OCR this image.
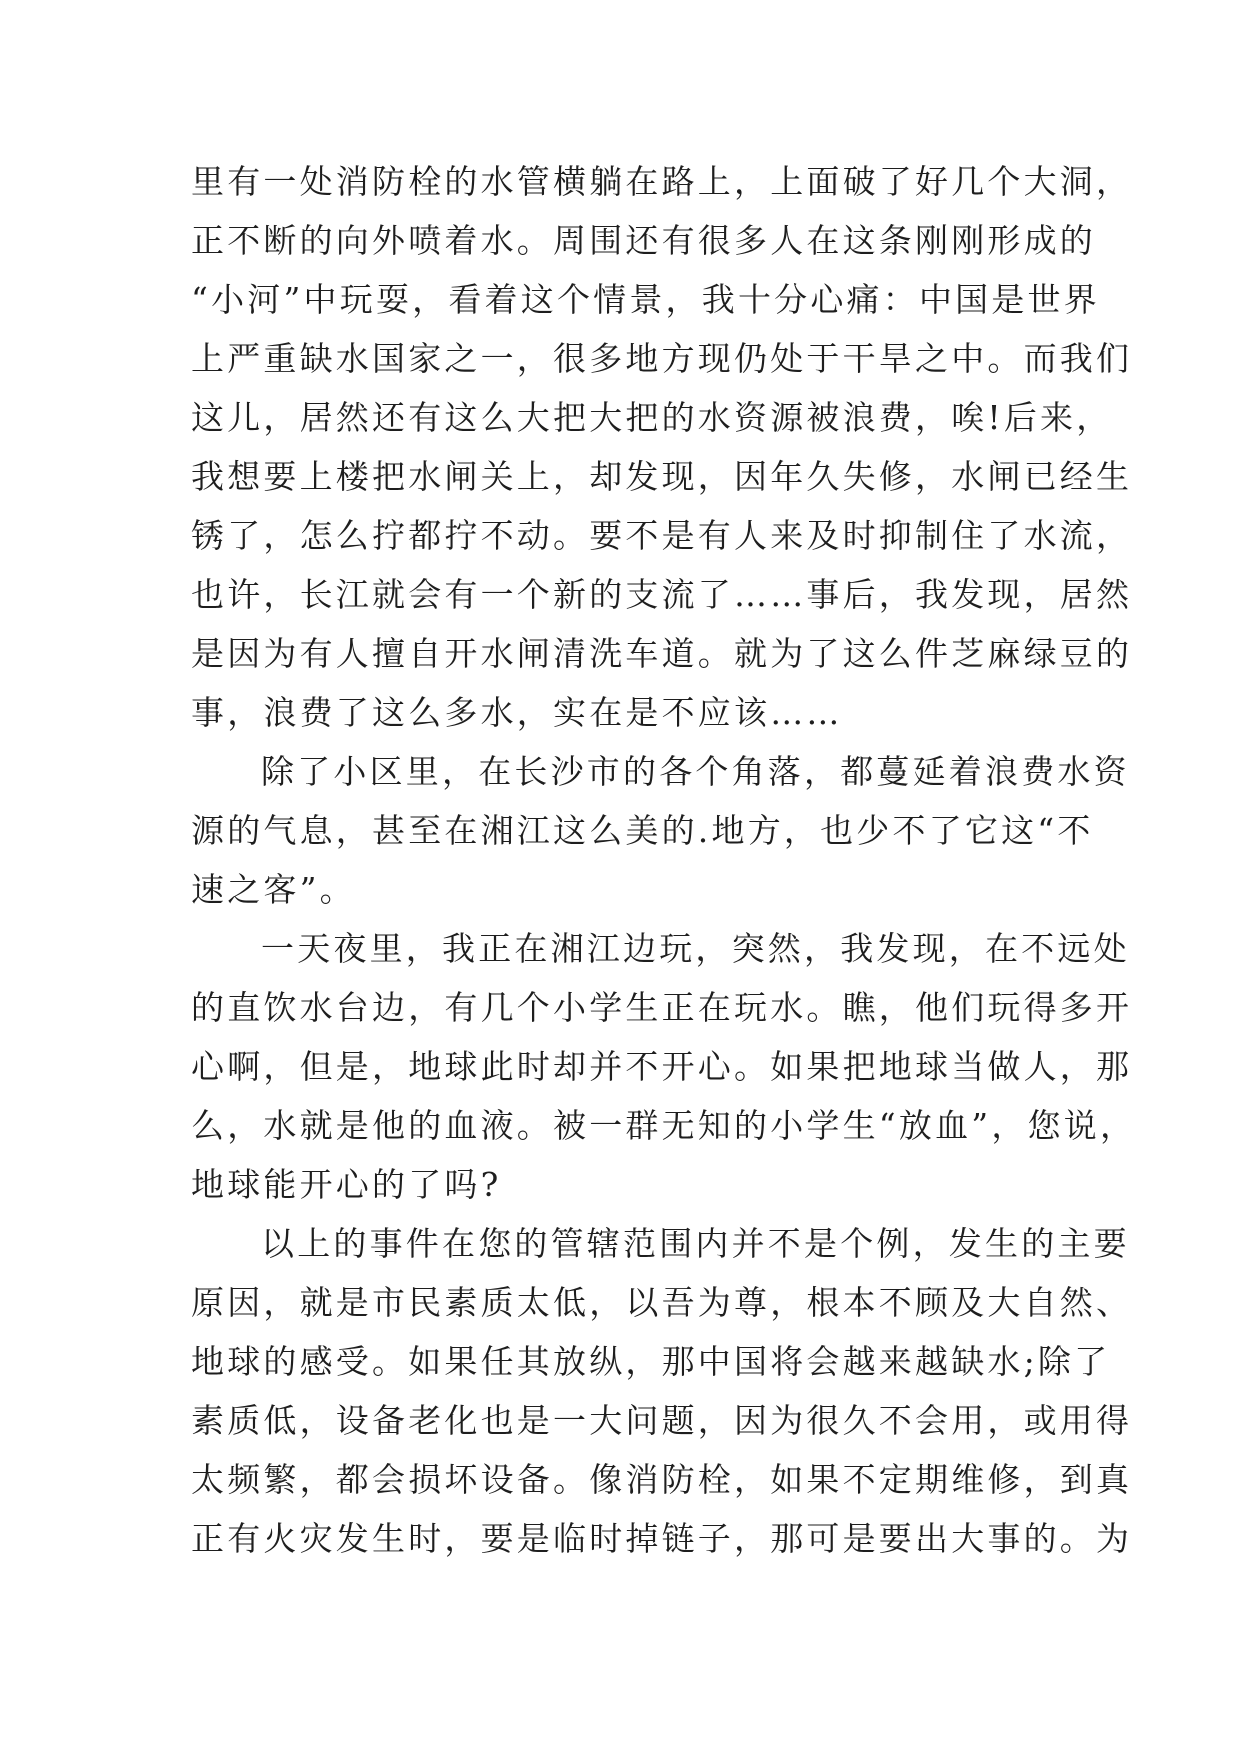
里有一处消防栓的水管横躺在路上，上面破了好几个大洞，
正不断的向外喷着水。周围还有很多人在这条刚刚形成的
“小河”中玩耍，看着这个情景，我十分心痛：中国是世界
上严重缺水国家之一，很多地方现仍处于干旱之中。而我们
这儿，居然还有这么大把大把的水资源被浪费，唉!后来，
我想要上楼把水闸关上，却发现，因年久失修，水闸已经生
锈了，怎么拧都拧不动。要不是有人来及时抑制住了水流，
也许，长江就会有一个新的支流了……事后，我发现，居然
是因为有人擅自开水闸清洗车道。就为了这么件芝麻绿豆的
事，浪费了这么多水，实在是不应该……
除了小区里，在长沙市的各个角落，都蔓延着浪费水资
源的气息，甚至在湘江这么美的.地方，也少不了它这“不
速之客”。
一天夜里，我正在湘江边玩，突然，我发现，在不远处
的直饮水台边，有几个小学生正在玩水。瞧，他们玩得多开
心啊，但是，地球此时却并不开心。如果把地球当做人，那
么，水就是他的血液。被一群无知的小学生“放血”，您说，
地球能开心的了吗?
以上的事件在您的管辖范围内并不是个例，发生的主要
原因，就是市民素质太低，以吾为尊，根本不顾及大自然、
地球的感受。如果任其放纵，那中国将会越来越缺水;除了
素质低，设备老化也是一大问题，因为很久不会用，或用得
太频繁，都会损坏设备。像消防栓，如果不定期维修，到真
正有火灾发生时，要是临时掉链子，那可是要出大事的。为
